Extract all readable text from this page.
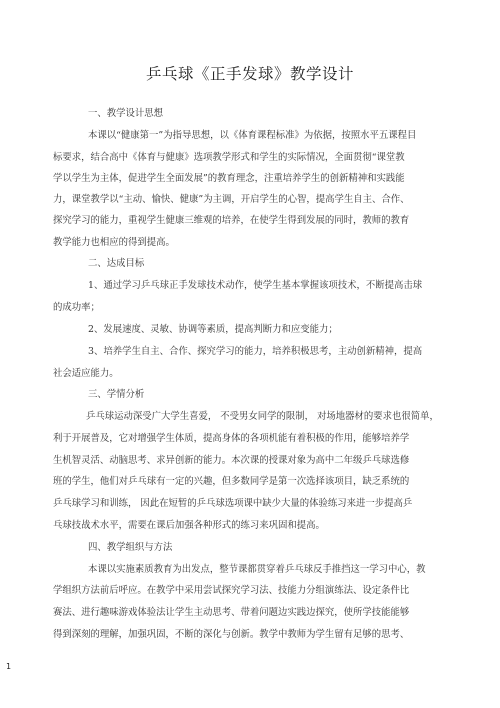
乒乓球《正手发球》教学设计
一、教学设计思想
本课以“健康第一”为指导思想，以《体育课程标准》为依据，按照水平五课程目
标要求，结合高中《体育与健康》选项教学形式和学生的实际情况，全面贯彻“课堂教
学以学生为主体，促进学生全面发展”的教育理念，注重培养学生的创新精神和实践能
力，课堂教学以“主动、愉快、健康”为主调，开启学生的心智，提高学生自主、合作、
探究学习的能力，重视学生健康三维观的培养，在使学生得到发展的同时，教师的教育
教学能力也相应的得到提高。
二、达成目标
1、通过学习乒乓球正手发球技术动作，使学生基本掌握该项技术，不断提高击球
的成功率；
2、发展速度、灵敏、协调等素质，提高判断力和应变能力；
3、培养学生自主、合作、探究学习的能力，培养积极思考，主动创新精神，提高
社会适应能力。
三、学情分析
乒乓球运动深受广大学生喜爱， 不受男女同学的限制， 对场地器材的要求也很简单，
利于开展普及，它对增强学生体质，提高身体的各项机能有着积极的作用，能够培养学
生机智灵活、动脑思考、求异创新的能力。本次课的授课对象为高中二年级乒乓球选修
班的学生，他们对乒乓球有一定的兴趣，但多数同学是第一次选择该项目，缺乏系统的
乒乓球学习和训练， 因此在短暂的乒乓球选项课中缺少大量的体验练习来进一步提高乒
乓球技战术水平，需要在课后加强各种形式的练习来巩固和提高。
四、教学组织与方法
本课以实施素质教育为出发点，整节课都贯穿着乒乓球反手推挡这一学习中心，教
学组织方法前后呼应。在教学中采用尝试探究学习法、技能力分组演练法、设定条件比
赛法、进行趣味游戏体验法让学生主动思考、带着问题边实践边探究，使所学技能能够
得到深刻的理解，加强巩固，不断的深化与创新。教学中教师为学生留有足够的思考、
1
